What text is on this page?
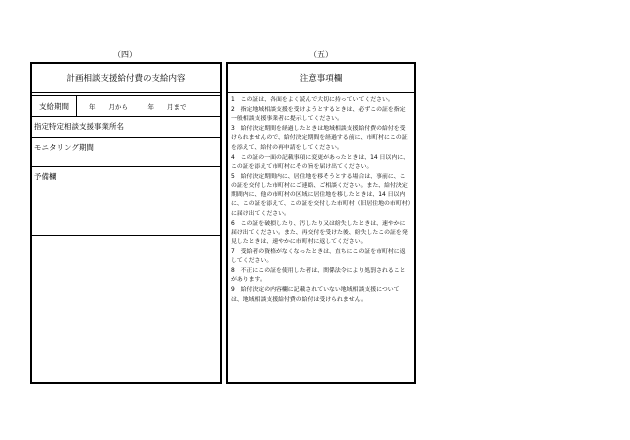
（四）	（五）
計画相談支援給付費の支給内容
支給期間	　　年　　月から　　　年　　月まで
指定特定相談支援事業所名
モニタリング期間
予備欄
注意事項欄
1　この証は、各面をよく読んで大切に持っていてください。
2　指定地域相談支援を受けようとするときは、必ずこの証を指定一般相談支援事業者に提示してください。
3　給付決定期間を経過したときは地域相談支援給付費の給付を受けられませんので、給付決定期間を経過する前に、市町村にこの証を添えて、給付の再申請をしてください。
4　この証の一面の記載事項に変更があったときは、14 日以内に、この証を添えて市町村にその旨を届け出てください。
5　給付決定期間内に、居住地を移そうとする場合は、事前に、この証を交付した市町村にご連絡、ご相談ください。また、給付決定期間内に、他の市町村の区域に居住地を移したときは、14 日以内に、この証を添えて、この証を交付した市町村（旧居住地の市町村）に届け出てください。
6　この証を破損したり、汚したり又は紛失したときは、速やかに届け出てください。また、再交付を受けた後、紛失したこの証を発見したときは、速やかに市町村に返してください。
7　受給者の資格がなくなったときは、直ちにこの証を市町村に返してください。
8　不正にこの証を使用した者は、関係法令により処罰されることがあります。
9　給付決定の内容欄に記載されていない地域相談支援については、地域相談支援給付費の給付は受けられません。
